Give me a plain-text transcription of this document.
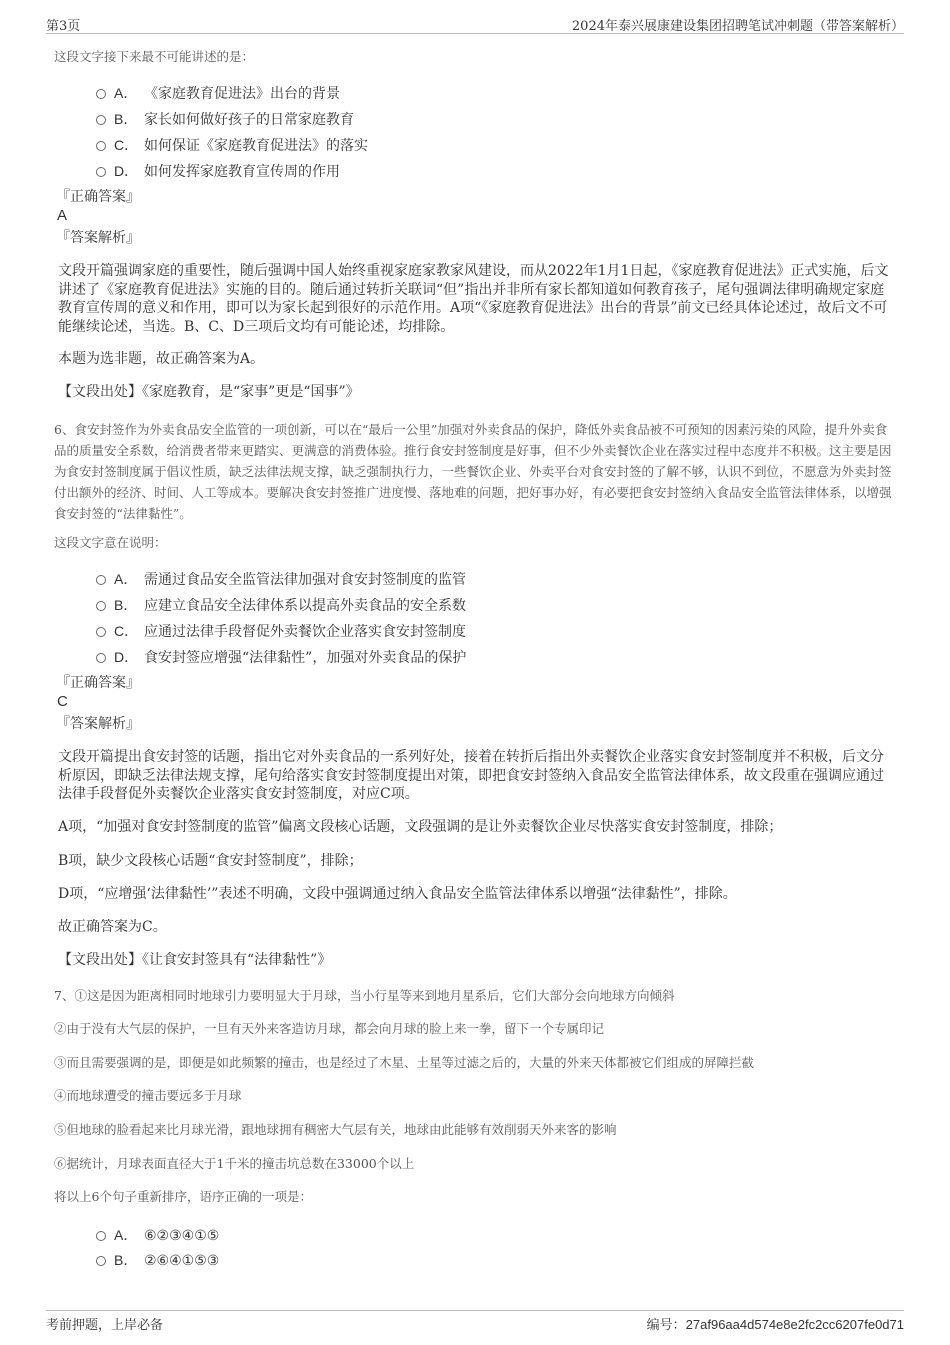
第3页	2024年泰兴展康建设集团招聘笔试冲刺题（带答案解析）
这段文字接下来最不可能讲述的是：
A． 《家庭教育促进法》出台的背景
B． 家长如何做好孩子的日常家庭教育
C． 如何保证《家庭教育促进法》的落实
D． 如何发挥家庭教育宣传周的作用
『正确答案』
A
『答案解析』
文段开篇强调家庭的重要性，随后强调中国人始终重视家庭家教家风建设，而从2022年1月1日起，《家庭教育促进法》正式实施，后文讲述了《家庭教育促进法》实施的目的。随后通过转折关联词“但”指出并非所有家长都知道如何教育孩子，尾句强调法律明确规定家庭教育宣传周的意义和作用，即可以为家长起到很好的示范作用。A项“《家庭教育促进法》出台的背景”前文已经具体论述过，故后文不可能继续论述，当选。B、C、D三项后文均有可能论述，均排除。
本题为选非题，故正确答案为A。
【文段出处】《家庭教育，是“家事”更是“国事”》
6、食安封签作为外卖食品安全监管的一项创新，可以在“最后一公里”加强对外卖食品的保护，降低外卖食品被不可预知的因素污染的风险，提升外卖食品的质量安全系数，给消费者带来更踏实、更满意的消费体验。推行食安封签制度是好事，但不少外卖餐饮企业在落实过程中态度并不积极。这主要是因为食安封签制度属于倡议性质，缺乏法律法规支撑，缺乏强制执行力，一些餐饮企业、外卖平台对食安封签的了解不够，认识不到位，不愿意为外卖封签付出额外的经济、时间、人工等成本。要解决食安封签推广进度慢、落地难的问题，把好事办好，有必要把食安封签纳入食品安全监管法律体系，以增强食安封签的“法律黏性”。
这段文字意在说明：
A． 需通过食品安全监管法律加强对食安封签制度的监管
B． 应建立食品安全法律体系以提高外卖食品的安全系数
C． 应通过法律手段督促外卖餐饮企业落实食安封签制度
D． 食安封签应增强“法律黏性”，加强对外卖食品的保护
『正确答案』
C
『答案解析』
文段开篇提出食安封签的话题，指出它对外卖食品的一系列好处，接着在转折后指出外卖餐饮企业落实食安封签制度并不积极，后文分析原因，即缺乏法律法规支撑，尾句给落实食安封签制度提出对策，即把食安封签纳入食品安全监管法律体系，故文段重在强调应通过法律手段督促外卖餐饮企业落实食安封签制度，对应C项。
A项，“加强对食安封签制度的监管”偏离文段核心话题，文段强调的是让外卖餐饮企业尽快落实食安封签制度，排除；
B项，缺少文段核心话题“食安封签制度”，排除；
D项，“应增强‘法律黏性’”表述不明确，文段中强调通过纳入食品安全监管法律体系以增强“法律黏性”，排除。
故正确答案为C。
【文段出处】《让食安封签具有“法律黏性”》
7、①这是因为距离相同时地球引力要明显大于月球，当小行星等来到地月星系后，它们大部分会向地球方向倾斜
②由于没有大气层的保护，一旦有天外来客造访月球，都会向月球的脸上来一拳，留下一个专属印记
③而且需要强调的是，即便是如此频繁的撞击，也是经过了木星、土星等过滤之后的，大量的外来天体都被它们组成的屏障拦截
④而地球遭受的撞击要远多于月球
⑤但地球的脸看起来比月球光滑，跟地球拥有稠密大气层有关，地球由此能够有效削弱天外来客的影响
⑥据统计，月球表面直径大于1千米的撞击坑总数在33000个以上
将以上6个句子重新排序，语序正确的一项是：
A． ⑥②③④①⑤
B． ②⑥④①⑤③
考前押题，上岸必备	编号：27af96aa4d574e8e2fc2cc6207fe0d71
